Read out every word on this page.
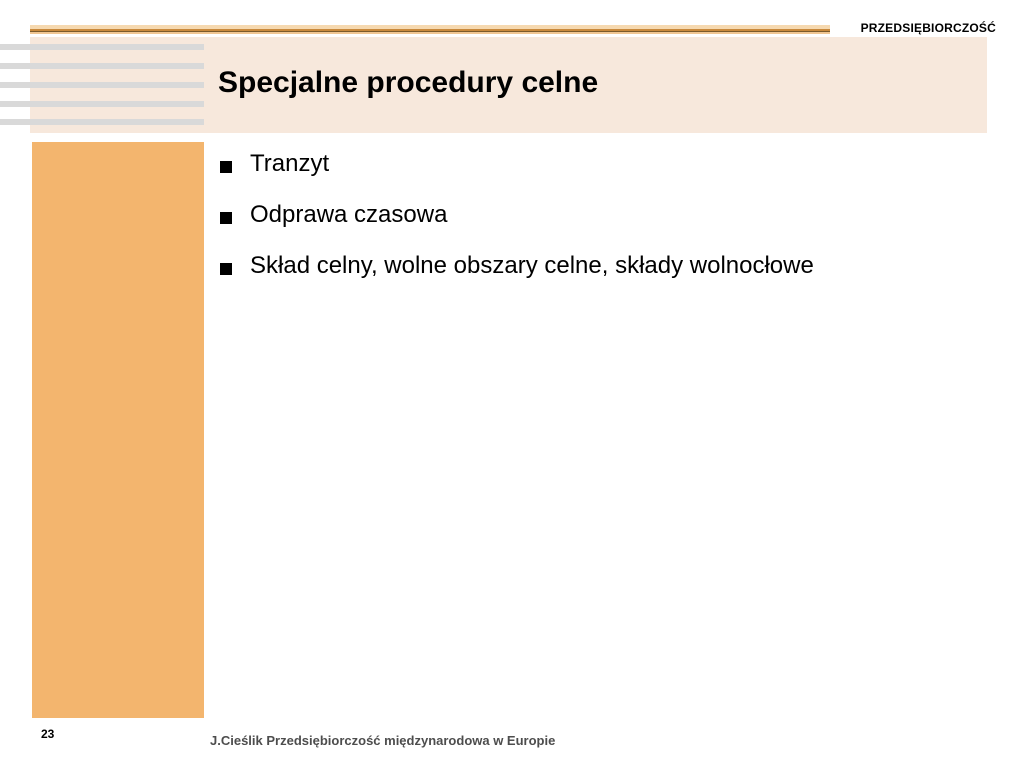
PRZEDSIĘBIORCZOŚĆ
Specjalne procedury celne
Tranzyt
Odprawa czasowa
Skład celny, wolne obszary celne, składy wolnocłowe
23	J.Cieślik Przedsiębiorczość międzynarodowa w Europie
